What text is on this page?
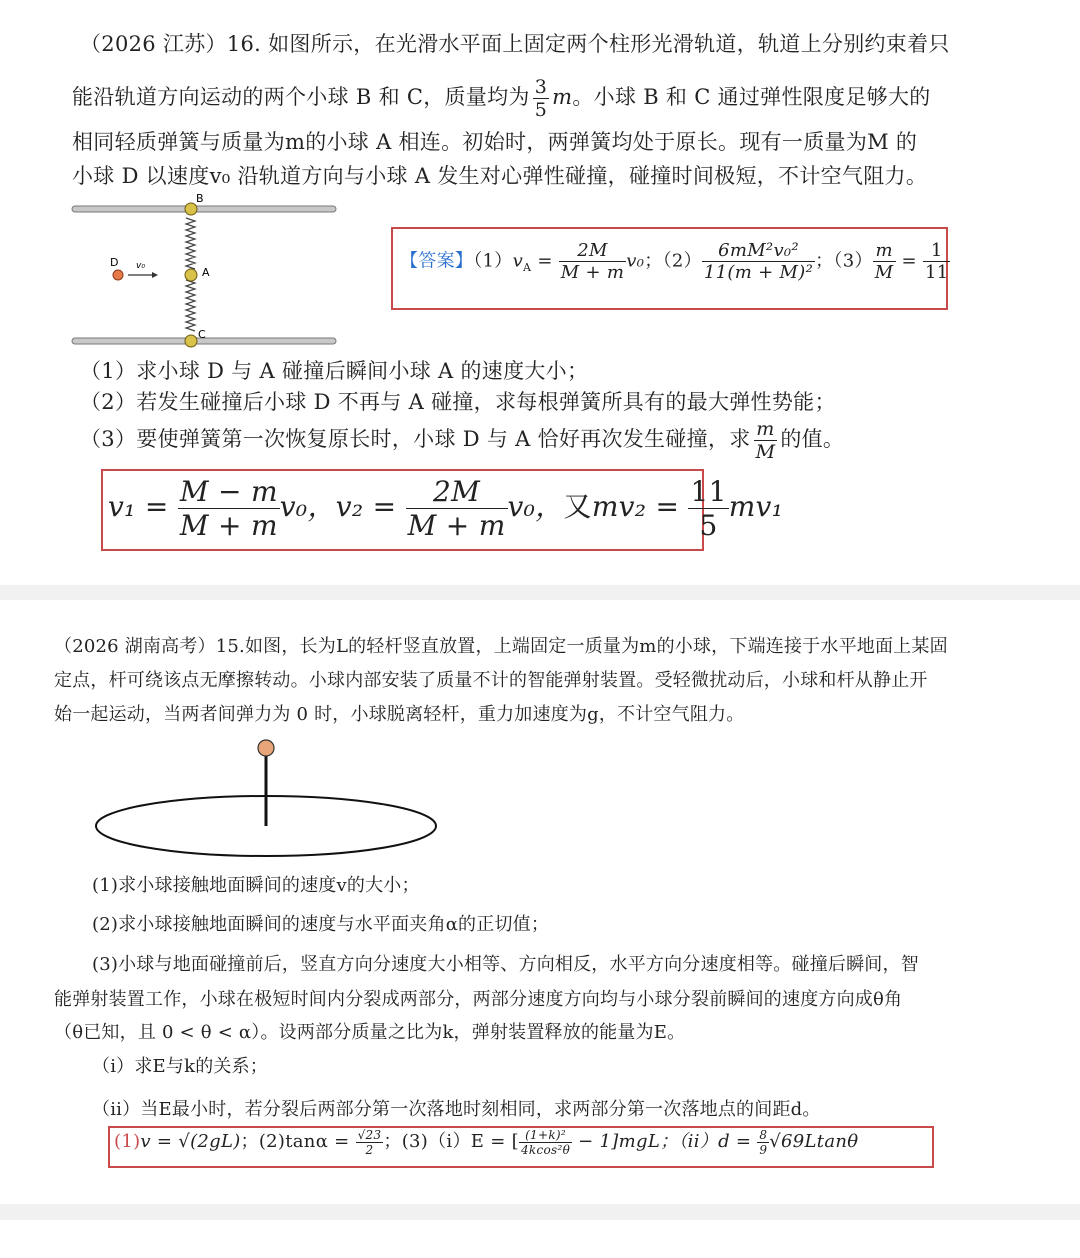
（2026 江苏）16. 如图所示，在光滑水平面上固定两个柱形光滑轨道，轨道上分别约束着只
能沿轨道方向运动的两个小球 B 和 C，质量均为 $\frac{3}{5}$ m。小球 B 和 C 通过弹性限度足够大的
相同轻质弹簧与质量为m的小球 A 相连。初始时，两弹簧均处于原长。现有一质量为M 的
小球 D 以速度v₀ 沿轨道方向与小球 A 发生对心弹性碰撞，碰撞时间极短，不计空气阻力。
B
A
C
D v₀	【答案】$(1)v_A = \frac{2M}{M + m} v_0$；$(2) \frac{\text{6mM²v₀²}}{\text{11(m + M)²}}$ ；$(3) \frac{m}{M} = \frac{1}{11}$
（1）求小球 D 与 A 碰撞后瞬间小球 A 的速度大小；
（2）若发生碰撞后小球 D 不再与 A 碰撞，求每根弹簧所具有的最大弹性势能；
（3）要使弹簧第一次恢复原长时，小球 D 与 A 恰好再次发生碰撞，求 $\frac{m}{M}$ 的值。
$v_1 = \frac{M - m}{M + m} v_0$，$v_2 = \frac{2M}{M + m} v_0$，又$mv_2 = \frac{11}{5} mv_1$
（2026 湖南高考）15.如图，长为L的轻杆竖直放置，上端固定一质量为m的小球，下端连接于水平地面上某固
定点，杆可绕该点无摩擦转动。小球内部安装了质量不计的智能弹射装置。受轻微扰动后，小球和杆从静止开
始一起运动，当两者间弹力为 0 时，小球脱离轻杆，重力加速度为g，不计空气阻力。
(1)求小球接触地面瞬间的速度v的大小；
(2)求小球接触地面瞬间的速度与水平面夹角α的正切值；
(3)小球与地面碰撞前后，竖直方向分速度大小相等、方向相反，水平方向分速度相等。碰撞后瞬间，智
能弹射装置工作，小球在极短时间内分裂成两部分，两部分速度方向均与小球分裂前瞬间的速度方向成θ角
（θ已知，且 0 < θ < α）。设两部分质量之比为k，弹射装置释放的能量为E。
（i）求E与k的关系；
（ii）当E最小时，若分裂后两部分第一次落地时刻相同，求两部分第一次落地点的间距d。
(1)v = √(2gL)；$(2)\tan\alpha = \frac{√23}{2}$ ；(3)（i）E = [ $\frac{\text{(1+k)²}}{\text{4kcos²θ}} - 1]mgL$；$(ii)d = \frac{8}{9} √69Ltan\theta$
